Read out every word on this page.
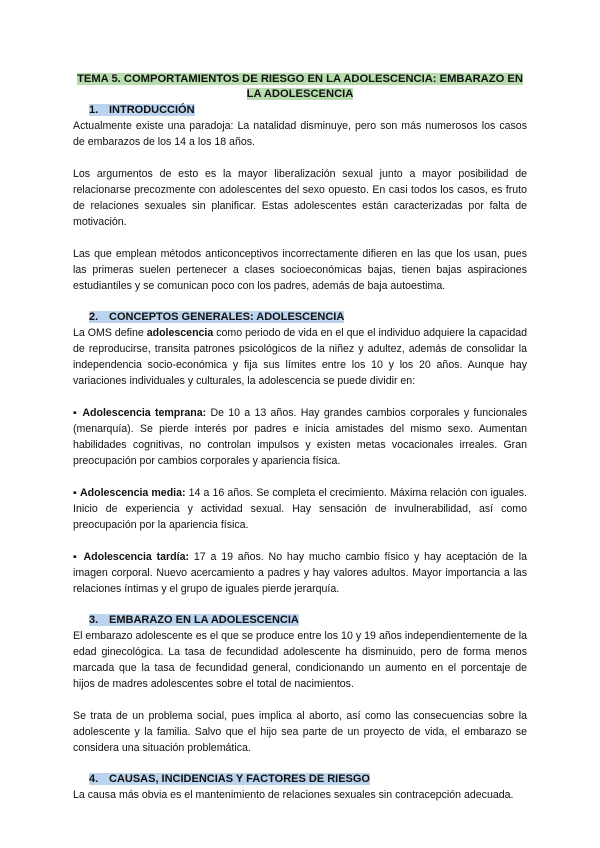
TEMA 5. COMPORTAMIENTOS DE RIESGO EN LA ADOLESCENCIA: EMBARAZO EN LA ADOLESCENCIA
1. INTRODUCCIÓN

Actualmente existe una paradoja: La natalidad disminuye, pero son más numerosos los casos de embarazos de los 14 a los 18 años.

Los argumentos de esto es la mayor liberalización sexual junto a mayor posibilidad de relacionarse precozmente con adolescentes del sexo opuesto. En casi todos los casos, es fruto de relaciones sexuales sin planificar. Estas adolescentes están caracterizadas por falta de motivación.

Las que emplean métodos anticonceptivos incorrectamente difieren en las que los usan, pues las primeras suelen pertenecer a clases socioeconómicas bajas, tienen bajas aspiraciones estudiantiles y se comunican poco con los padres, además de baja autoestima.

2. CONCEPTOS GENERALES: ADOLESCENCIA

La OMS define adolescencia como periodo de vida en el que el individuo adquiere la capacidad de reproducirse, transita patrones psicológicos de la niñez y adultez, además de consolidar la independencia socio-económica y fija sus límites entre los 10 y los 20 años. Aunque hay variaciones individuales y culturales, la adolescencia se puede dividir en:

▪ Adolescencia temprana: De 10 a 13 años. Hay grandes cambios corporales y funcionales (menarquía). Se pierde interés por padres e inicia amistades del mismo sexo. Aumentan habilidades cognitivas, no controlan impulsos y existen metas vocacionales irreales. Gran preocupación por cambios corporales y apariencia física.

▪ Adolescencia media: 14 a 16 años. Se completa el crecimiento. Máxima relación con iguales. Inicio de experiencia y actividad sexual. Hay sensación de invulnerabilidad, así como preocupación por la apariencia física.

▪ Adolescencia tardía: 17 a 19 años. No hay mucho cambio físico y hay aceptación de la imagen corporal. Nuevo acercamiento a padres y hay valores adultos. Mayor importancia a las relaciones íntimas y el grupo de iguales pierde jerarquía.

3. EMBARAZO EN LA ADOLESCENCIA

El embarazo adolescente es el que se produce entre los 10 y 19 años independientemente de la edad ginecológica. La tasa de fecundidad adolescente ha disminuido, pero de forma menos marcada que la tasa de fecundidad general, condicionando un aumento en el porcentaje de hijos de madres adolescentes sobre el total de nacimientos.

Se trata de un problema social, pues implica al aborto, así como las consecuencias sobre la adolescente y la familia. Salvo que el hijo sea parte de un proyecto de vida, el embarazo se considera una situación problemática.

4. CAUSAS, INCIDENCIAS Y FACTORES DE RIESGO

La causa más obvia es el mantenimiento de relaciones sexuales sin contracepción adecuada.
